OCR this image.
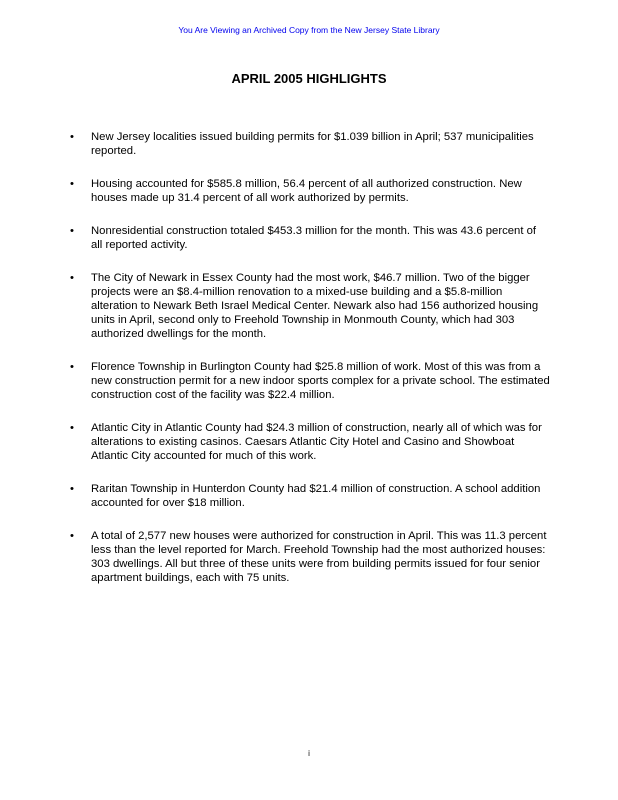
You Are Viewing an Archived Copy from the New Jersey State Library
APRIL 2005 HIGHLIGHTS
• New Jersey localities issued building permits for $1.039 billion in April; 537 municipalities reported.
• Housing accounted for $585.8 million, 56.4 percent of all authorized construction. New houses made up 31.4 percent of all work authorized by permits.
• Nonresidential construction totaled $453.3 million for the month. This was 43.6 percent of all reported activity.
• The City of Newark in Essex County had the most work, $46.7 million. Two of the bigger projects were an $8.4-million renovation to a mixed-use building and a $5.8-million alteration to Newark Beth Israel Medical Center. Newark also had 156 authorized housing units in April, second only to Freehold Township in Monmouth County, which had 303 authorized dwellings for the month.
• Florence Township in Burlington County had $25.8 million of work. Most of this was from a new construction permit for a new indoor sports complex for a private school. The estimated construction cost of the facility was $22.4 million.
• Atlantic City in Atlantic County had $24.3 million of construction, nearly all of which was for alterations to existing casinos. Caesars Atlantic City Hotel and Casino and Showboat Atlantic City accounted for much of this work.
• Raritan Township in Hunterdon County had $21.4 million of construction. A school addition accounted for over $18 million.
• A total of 2,577 new houses were authorized for construction in April. This was 11.3 percent less than the level reported for March. Freehold Township had the most authorized houses: 303 dwellings. All but three of these units were from building permits issued for four senior apartment buildings, each with 75 units.
i
